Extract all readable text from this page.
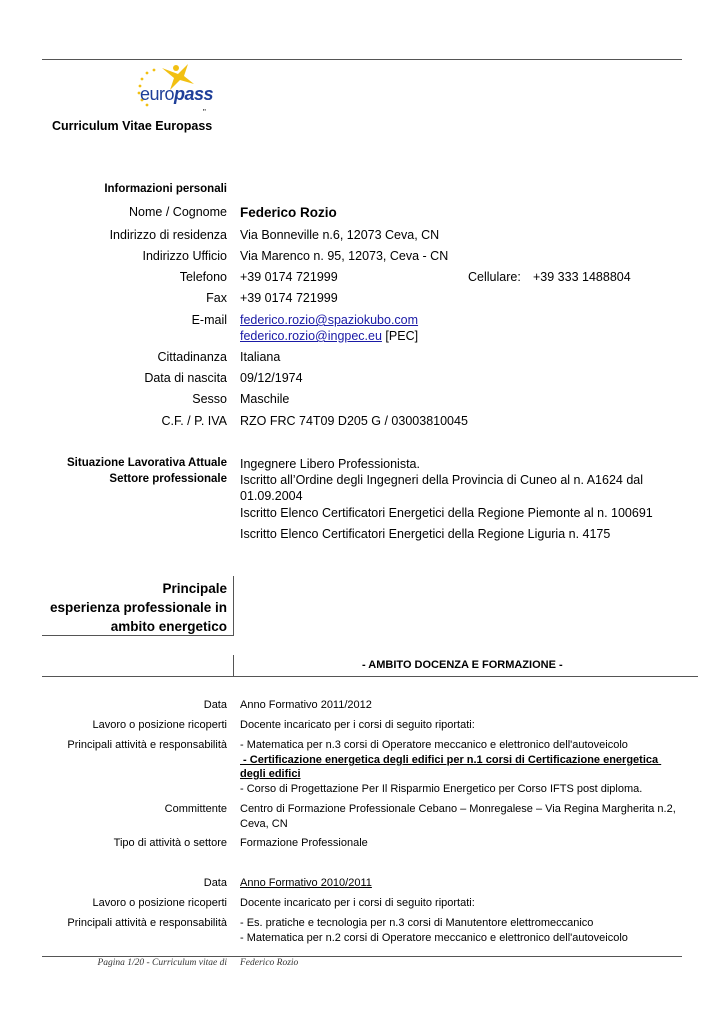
europass
"
Curriculum Vitae Europass
Informazioni personali
Nome / Cognome Federico Rozio
Indirizzo di residenza Via Bonneville n.6, 12073 Ceva, CN
Indirizzo Ufficio Via Marenco n. 95, 12073, Ceva - CN
Telefono +39 0174 721999	Cellulare: +39 333 1488804
Fax +39 0174 721999
E-mail federico.rozio@spaziokubo.com
federico.rozio@ingpec.eu [PEC]
Cittadinanza Italiana
Data di nascita 09/12/1974
Sesso Maschile
C.F. / P. IVA RZO FRC 74T09 D205 G / 03003810045
Situazione Lavorativa Attuale
Settore professionale
Ingegnere Libero Professionista.
Iscritto all’Ordine degli Ingegneri della Provincia di Cuneo al n. A1624 dal
01.09.2004
Iscritto Elenco Certificatori Energetici della Regione Piemonte al n. 100691
Iscritto Elenco Certificatori Energetici della Regione Liguria n. 4175
Principale
esperienza professionale in
ambito energetico
- AMBITO DOCENZA E FORMAZIONE -
Data Anno Formativo 2011/2012
Lavoro o posizione ricoperti Docente incaricato per i corsi di seguito riportati:
Principali attività e responsabilità - Matematica per n.3 corsi di Operatore meccanico e elettronico dell'autoveicolo
- Certificazione energetica degli edifici per n.1 corsi di Certificazione energetica
degli edifici
- Corso di Progettazione Per Il Risparmio Energetico per Corso IFTS post diploma.
Committente Centro di Formazione Professionale Cebano – Monregalese – Via Regina Margherita n.2,
Ceva, CN
Tipo di attività o settore Formazione Professionale
Data Anno Formativo 2010/2011
Lavoro o posizione ricoperti Docente incaricato per i corsi di seguito riportati:
Principali attività e responsabilità - Es. pratiche e tecnologia per n.3 corsi di Manutentore elettromeccanico
- Matematica per n.2 corsi di Operatore meccanico e elettronico dell'autoveicolo
Pagina 1/20 - Curriculum vitae di Federico Rozio
